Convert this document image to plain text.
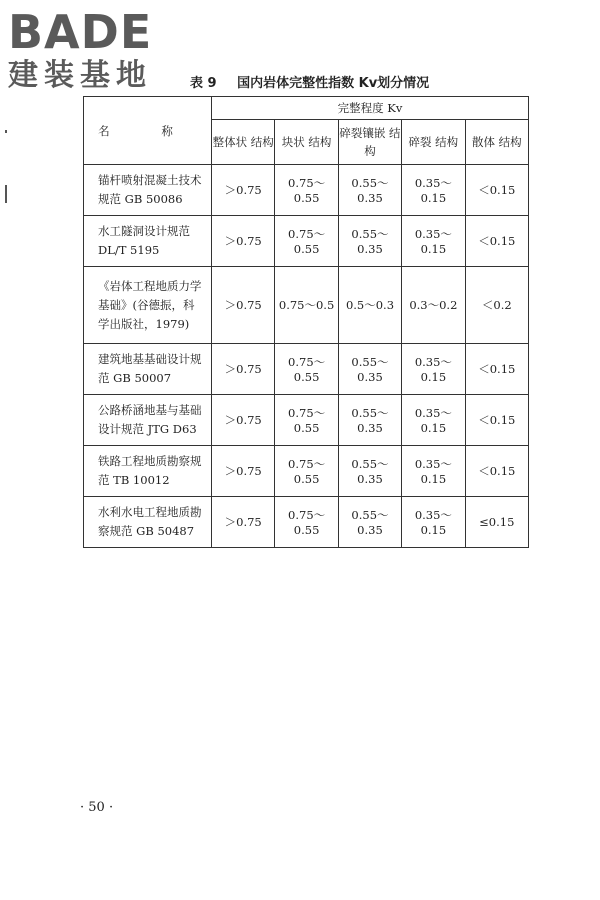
BADE
建装基地	表 9 国内岩体完整性指数 Kv划分情况
名 称	完整程度 Kv				
	整体状 结构	块状 结构	碎裂镶嵌 结构	碎裂 结构	散体 结构
锚杆喷射混凝土技术规范 GB 50086	＞0.75	0.75～0.55	0.55～0.35	0.35～0.15	＜0.15
水工隧洞设计规范 DL/T 5195	＞0.75	0.75～0.55	0.55～0.35	0.35～0.15	＜0.15
《岩体工程地质力学基础》(谷德振，科学出版社，1979)	＞0.75	0.75～0.5	0.5～0.3	0.3～0.2	＜0.2
建筑地基基础设计规范 GB 50007	＞0.75	0.75～0.55	0.55～0.35	0.35～0.15	＜0.15
公路桥涵地基与基础设计规范 JTG D63	＞0.75	0.75～0.55	0.55～0.35	0.35～0.15	＜0.15
铁路工程地质勘察规范 TB 10012	＞0.75	0.75～0.55	0.55～0.35	0.35～0.15	＜0.15
水利水电工程地质勘察规范 GB 50487	＞0.75	0.75～0.55	0.55～0.35	0.35～0.15	≤0.15
· 50 ·
